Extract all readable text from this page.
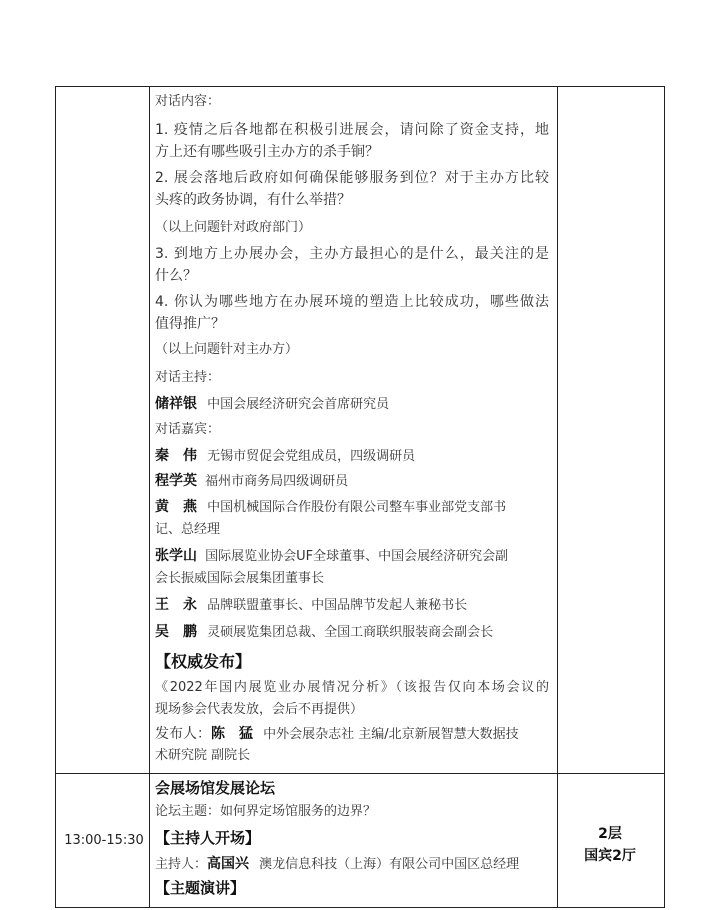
对话内容：
1. 疫情之后各地都在积极引进展会，请问除了资金支持，地
方上还有哪些吸引主办方的杀手锏？
2. 展会落地后政府如何确保能够服务到位？对于主办方比较
头疼的政务协调，有什么举措？
（以上问题针对政府部门）
3. 到地方上办展办会，主办方最担心的是什么，最关注的是
什么？
4. 你认为哪些地方在办展环境的塑造上比较成功，哪些做法
值得推广？
（以上问题针对主办方）
对话主持：
储祥银 中国会展经济研究会首席研究员
对话嘉宾：
秦　伟 无锡市贸促会党组成员，四级调研员
程学英 福州市商务局四级调研员
黄　燕 中国机械国际合作股份有限公司整车事业部党支部书
记、总经理
张学山 国际展览业协会UF全球董事、中国会展经济研究会副
会长振威国际会展集团董事长
王　永 品牌联盟董事长、中国品牌节发起人兼秘书长
吴　鹏 灵硕展览集团总裁、全国工商联织服装商会副会长
【权威发布】
《2022年国内展览业办展情况分析》（该报告仅向本场会议的
现场参会代表发放，会后不再提供）
发布人：陈　猛 中外会展杂志社 主编/北京新展智慧大数据技
术研究院 副院长
会展场馆发展论坛
论坛主题：如何界定场馆服务的边界？
【主持人开场】
主持人：高国兴 澳龙信息科技（上海）有限公司中国区总经理
【主题演讲】
13:00-15:30	2层
国宾2厅
